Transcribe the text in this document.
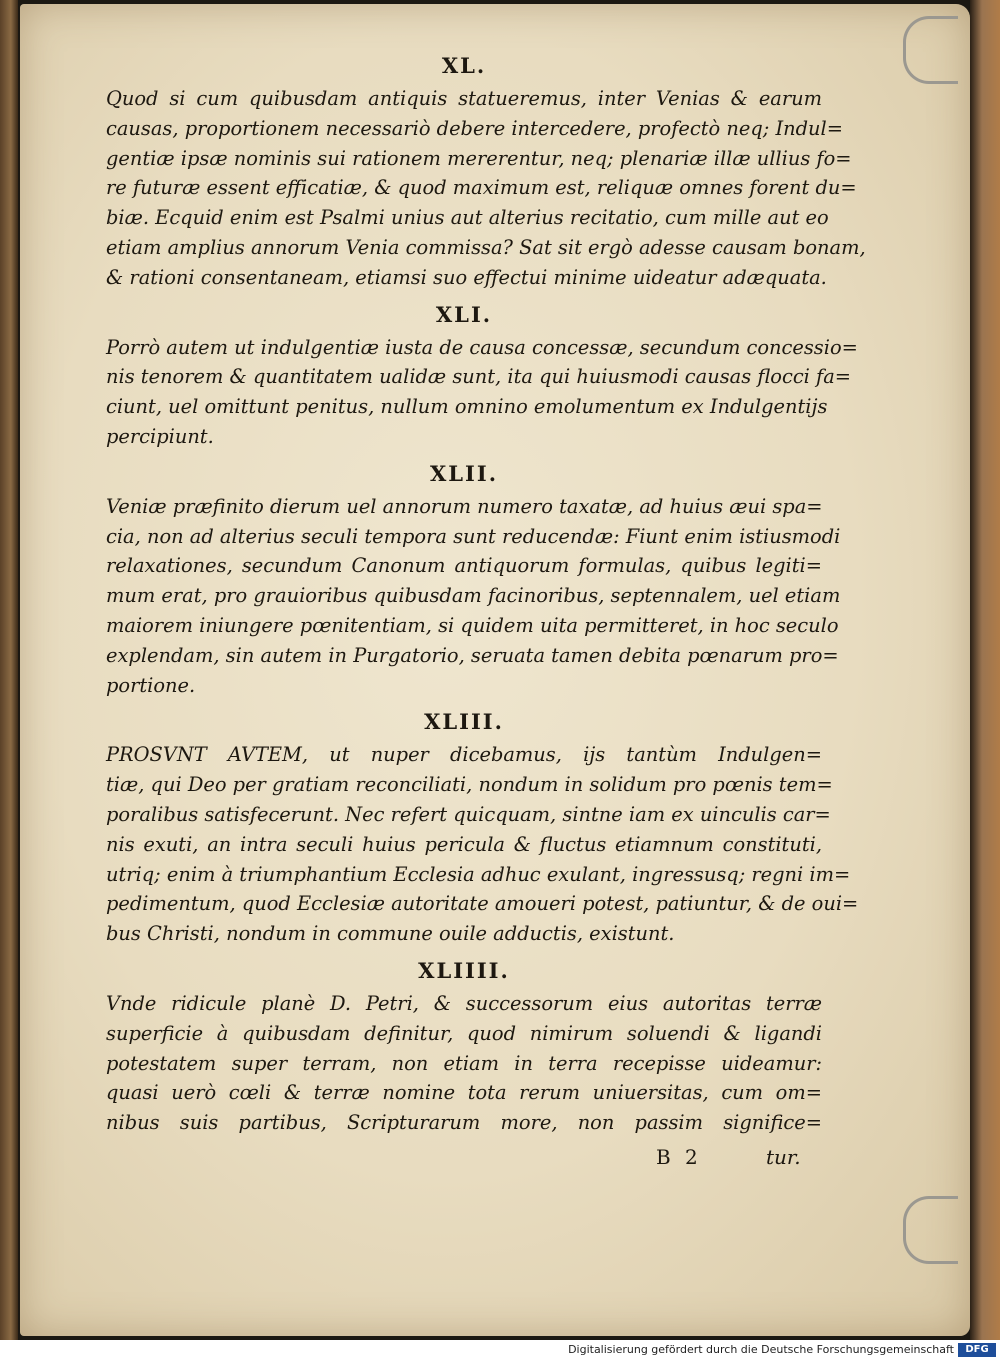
XL.
Quod si cum quibusdam antiquis statueremus, inter Venias & earum
causas, proportionem necessariò debere intercedere, profectò neq; Indul=
gentiæ ipsæ nominis sui rationem mererentur, neq; plenariæ illæ ullius fo=
re futuræ essent efficatiæ, & quod maximum est, reliquæ omnes forent du=
biæ. Ecquid enim est Psalmi unius aut alterius recitatio, cum mille aut eo
etiam amplius annorum Venia commissa? Sat sit ergò adesse causam bonam,
& rationi consentaneam, etiamsi suo effectui minime uideatur adæquata.
XLI.
Porrò autem ut indulgentiæ iusta de causa concessæ, secundum concessio=
nis tenorem & quantitatem ualidæ sunt, ita qui huiusmodi causas flocci fa=
ciunt, uel omittunt penitus, nullum omnino emolumentum ex Indulgentijs
percipiunt.
XLII.
Veniæ præfinito dierum uel annorum numero taxatæ, ad huius æui spa=
cia, non ad alterius seculi tempora sunt reducendæ: Fiunt enim istiusmodi
relaxationes, secundum Canonum antiquorum formulas, quibus legiti=
mum erat, pro grauioribus quibusdam facinoribus, septennalem, uel etiam
maiorem iniungere pœnitentiam, si quidem uita permitteret, in hoc seculo
explendam, sin autem in Purgatorio, seruata tamen debita pœnarum pro=
portione.
XLIII.
PROSVNT AVTEM, ut nuper dicebamus, ijs tantùm Indulgen=
tiæ, qui Deo per gratiam reconciliati, nondum in solidum pro pœnis tem=
poralibus satisfecerunt. Nec refert quicquam, sintne iam ex uinculis car=
nis exuti, an intra seculi huius pericula & fluctus etiamnum constituti,
utriq; enim à triumphantium Ecclesia adhuc exulant, ingressusq; regni im=
pedimentum, quod Ecclesiæ autoritate amoueri potest, patiuntur, & de oui=
bus Christi, nondum in commune ouile adductis, existunt.
XLIIII.
Vnde ridicule planè D. Petri, & successorum eius autoritas terræ
superficie à quibusdam definitur, quod nimirum soluendi & ligandi
potestatem super terram, non etiam in terra recepisse uideamur:
quasi uerò cœli & terræ nomine tota rerum uniuersitas, cum om=
nibus suis partibus, Scripturarum more, non passim significe=
B 2	tur.
Digitalisierung gefördert durch die Deutsche Forschungsgemeinschaft	DFG
